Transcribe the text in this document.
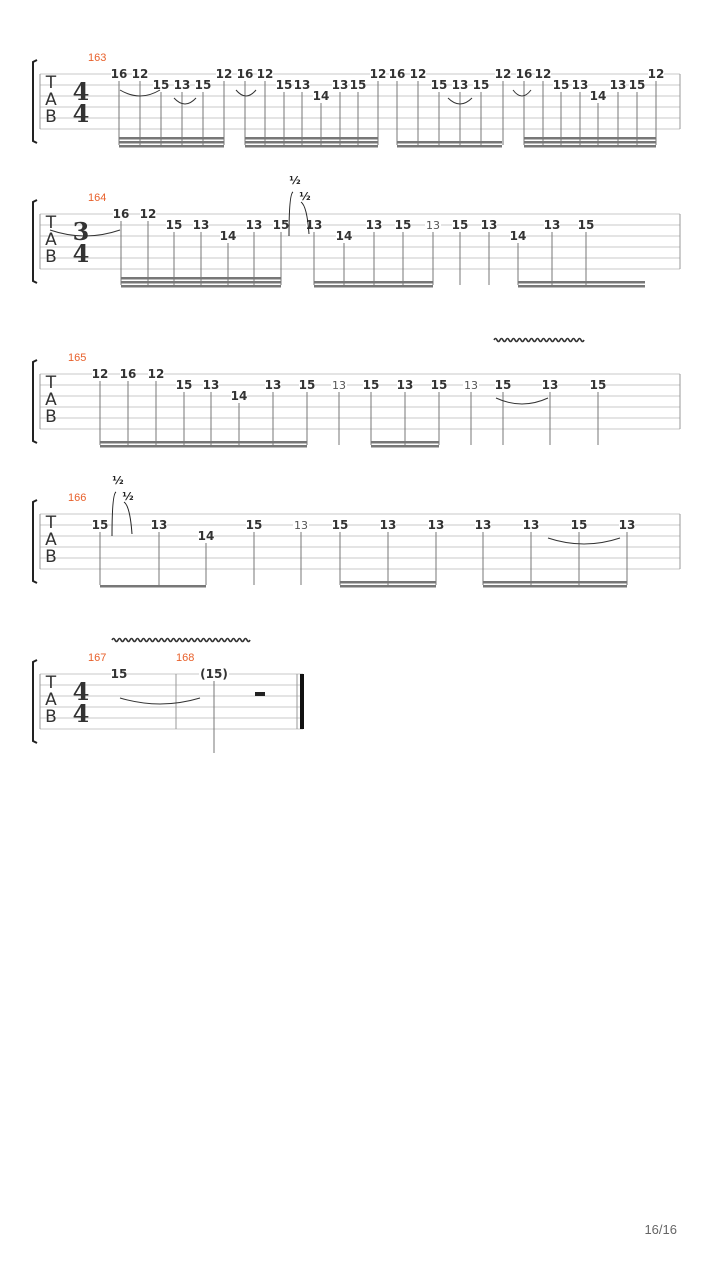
T
A
B
163
4
4
16 12
15 13 15
12 16 12
15 13
14
13 15
12 16 12
15 13 15
12 16 12
15 13
14
13 15
12
T
A
B
164
3
4
16 12
15 13
14
13 15 13
14
13 15 13 15 13
14
13 15
½
½
T
A
B
165
12 16 12
15 13
14
13 15 13 15 13 15 13 15	13	15
T
A
B
166
15	13
14
15	13 15	13	13	13	13	15	13
½
½
T
A
B
167	168
4
4
15	(15)
16/16
